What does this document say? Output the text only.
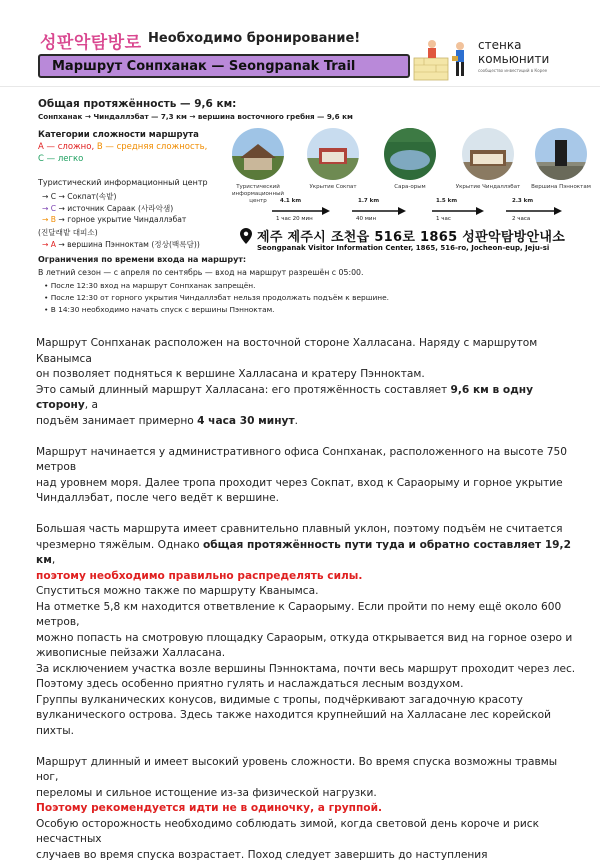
성판악탐방로 Необходимо бронирование!
Маршрут Сонпханак — Seongpanak Trail
стенка
комьюнити
сообщество инвестиций в Корее
Общая протяжённость — 9,6 км:
Сонпханак → Чиндаллэбат — 7,3 км → вершина восточного гребня — 9,6 км
Категории сложности маршрута
А — сложно, В — средняя сложность,
С — легко
Туристический информационный центр
→ С → Сокпат(속밭)
→ С → источник Сараак (사라악샘)
→ В → горное укрытие Чиндаллэбат
(진달래밭 대피소)
→ А → вершина Пэнноктам (정상(백록담))
Ограничения по времени входа на маршрут:
В летний сезон — с апреля по сентябрь — вход на маршрут разрешён с 05:00.
• После 12:30 вход на маршрут Сонпханак запрещён.
• После 12:30 от горного укрытия Чиндаллэбат нельзя продолжать подъём к вершине.
• В 14:30 необходимо начать спуск с вершины Пэнноктам.
Туристический информационный центр
Укрытие Сокпат	Сара-орым	Укрытие Чиндаллэбат	Вершина Пэнноктам
4.1 km
1 час 20 мин
1.7 km
40 мин
1.5 km
1 час
2.3 km
2 часа
제주 제주시 조천읍 516로 1865 성판악탐방안내소
Seongpanak Visitor Information Center, 1865, 516-ro, Jocheon-eup, Jeju-si

Маршрут Сонпханак расположен на восточной стороне Халласана. Наряду с маршрутом Кванымса

он позволяет подняться к вершине Халласана и кратеру Пэнноктам.

Это самый длинный маршрут Халласана: его протяжённость составляет 9,6 км в одну сторону, а

подъём занимает примерно 4 часа 30 минут.

Маршрут начинается у административного офиса Сонпханак, расположенного на высоте 750 метров

над уровнем моря. Далее тропа проходит через Сокпат, вход к Сараорыму и горное укрытие

Чиндаллэбат, после чего ведёт к вершине.

Большая часть маршрута имеет сравнительно плавный уклон, поэтому подъём не считается

чрезмерно тяжёлым. Однако общая протяжённость пути туда и обратно составляет 19,2 км,

поэтому необходимо правильно распределять силы.

Спуститься можно также по маршруту Кванымса.

На отметке 5,8 км находится ответвление к Сараорыму. Если пройти по нему ещё около 600 метров,

можно попасть на смотровую площадку Сараорым, откуда открывается вид на горное озеро и

живописные пейзажи Халласана.

За исключением участка возле вершины Пэнноктама, почти весь маршрут проходит через лес.

Поэтому здесь особенно приятно гулять и наслаждаться лесным воздухом.

Группы вулканических конусов, видимые с тропы, подчёркивают загадочную красоту

вулканического острова. Здесь также находится крупнейший на Халласане лес корейской пихты.

Маршрут длинный и имеет высокий уровень сложности. Во время спуска возможны травмы ног,

переломы и сильное истощение из-за физической нагрузки.

Поэтому рекомендуется идти не в одиночку, а группой.

Особую осторожность необходимо соблюдать зимой, когда световой день короче и риск несчастных

случаев во время спуска возрастает. Поход следует завершить до наступления
